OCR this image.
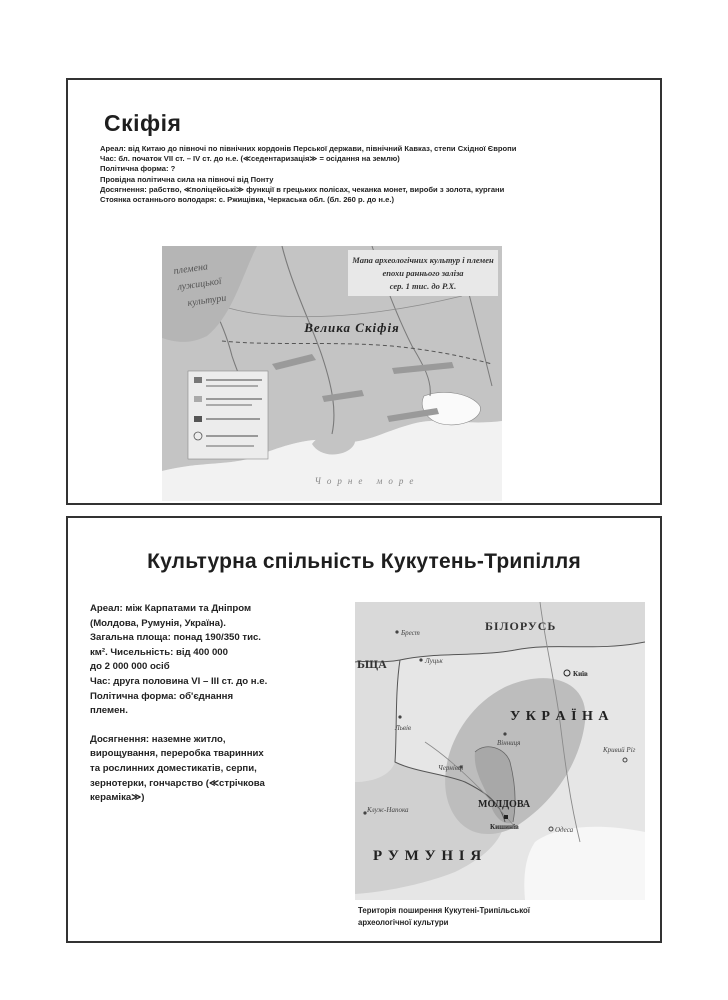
Скіфія
Ареал: від Китаю до півночі по північних кордонів Перської держави, північний Кавказ, степи Східної Європи
Час: бл. початок VII ст. – IV ст. до н.е. (≪седентаризація≫ = осідання на землю)
Політична форма: ?
Провідна політична сила на півночі від Понту
Досягнення: рабство, ≪поліцейські≫ функції в грецьких полісах, чеканка монет, вироби з золота, кургани
Стоянка останнього володаря: с. Ржищівка, Черкаська обл. (бл. 260 р. до н.е.)
Мапа археологічних культур і племен
епохи раннього заліза
сер. 1 тис. до Р.Х.
племена
лужицької
культури
Велика Скіфія
Чорне море
Культурна спільність Кукутень-Трипілля
Ареал: між Карпатами та Дніпром
(Молдова, Румунія, Україна).
Загальна площа: понад 190/350 тис.
км². Чисельність: від 400 000
до 2 000 000 осіб
Час: друга половина VI – III ст. до н.е.
Політична форма: об'єднання
племен.
Досягнення: наземне житло,
вирощування, переробка тваринних
та рослинних доместикатів, серпи,
зернотерки, гончарство (≪стрічкова
кераміка≫)
БІЛОРУСЬ
ЬЩА
У К Р А Ї Н А
МОЛДОВА
Р У М У Н І Я
Київ
Брест
Луцьк
Львів
Вінниця
Чернівці
Кишинів	Одеса
Кривий Ріг
Клуж-Напока
Територія поширення Кукутені-Трипільської
археологічної культури
